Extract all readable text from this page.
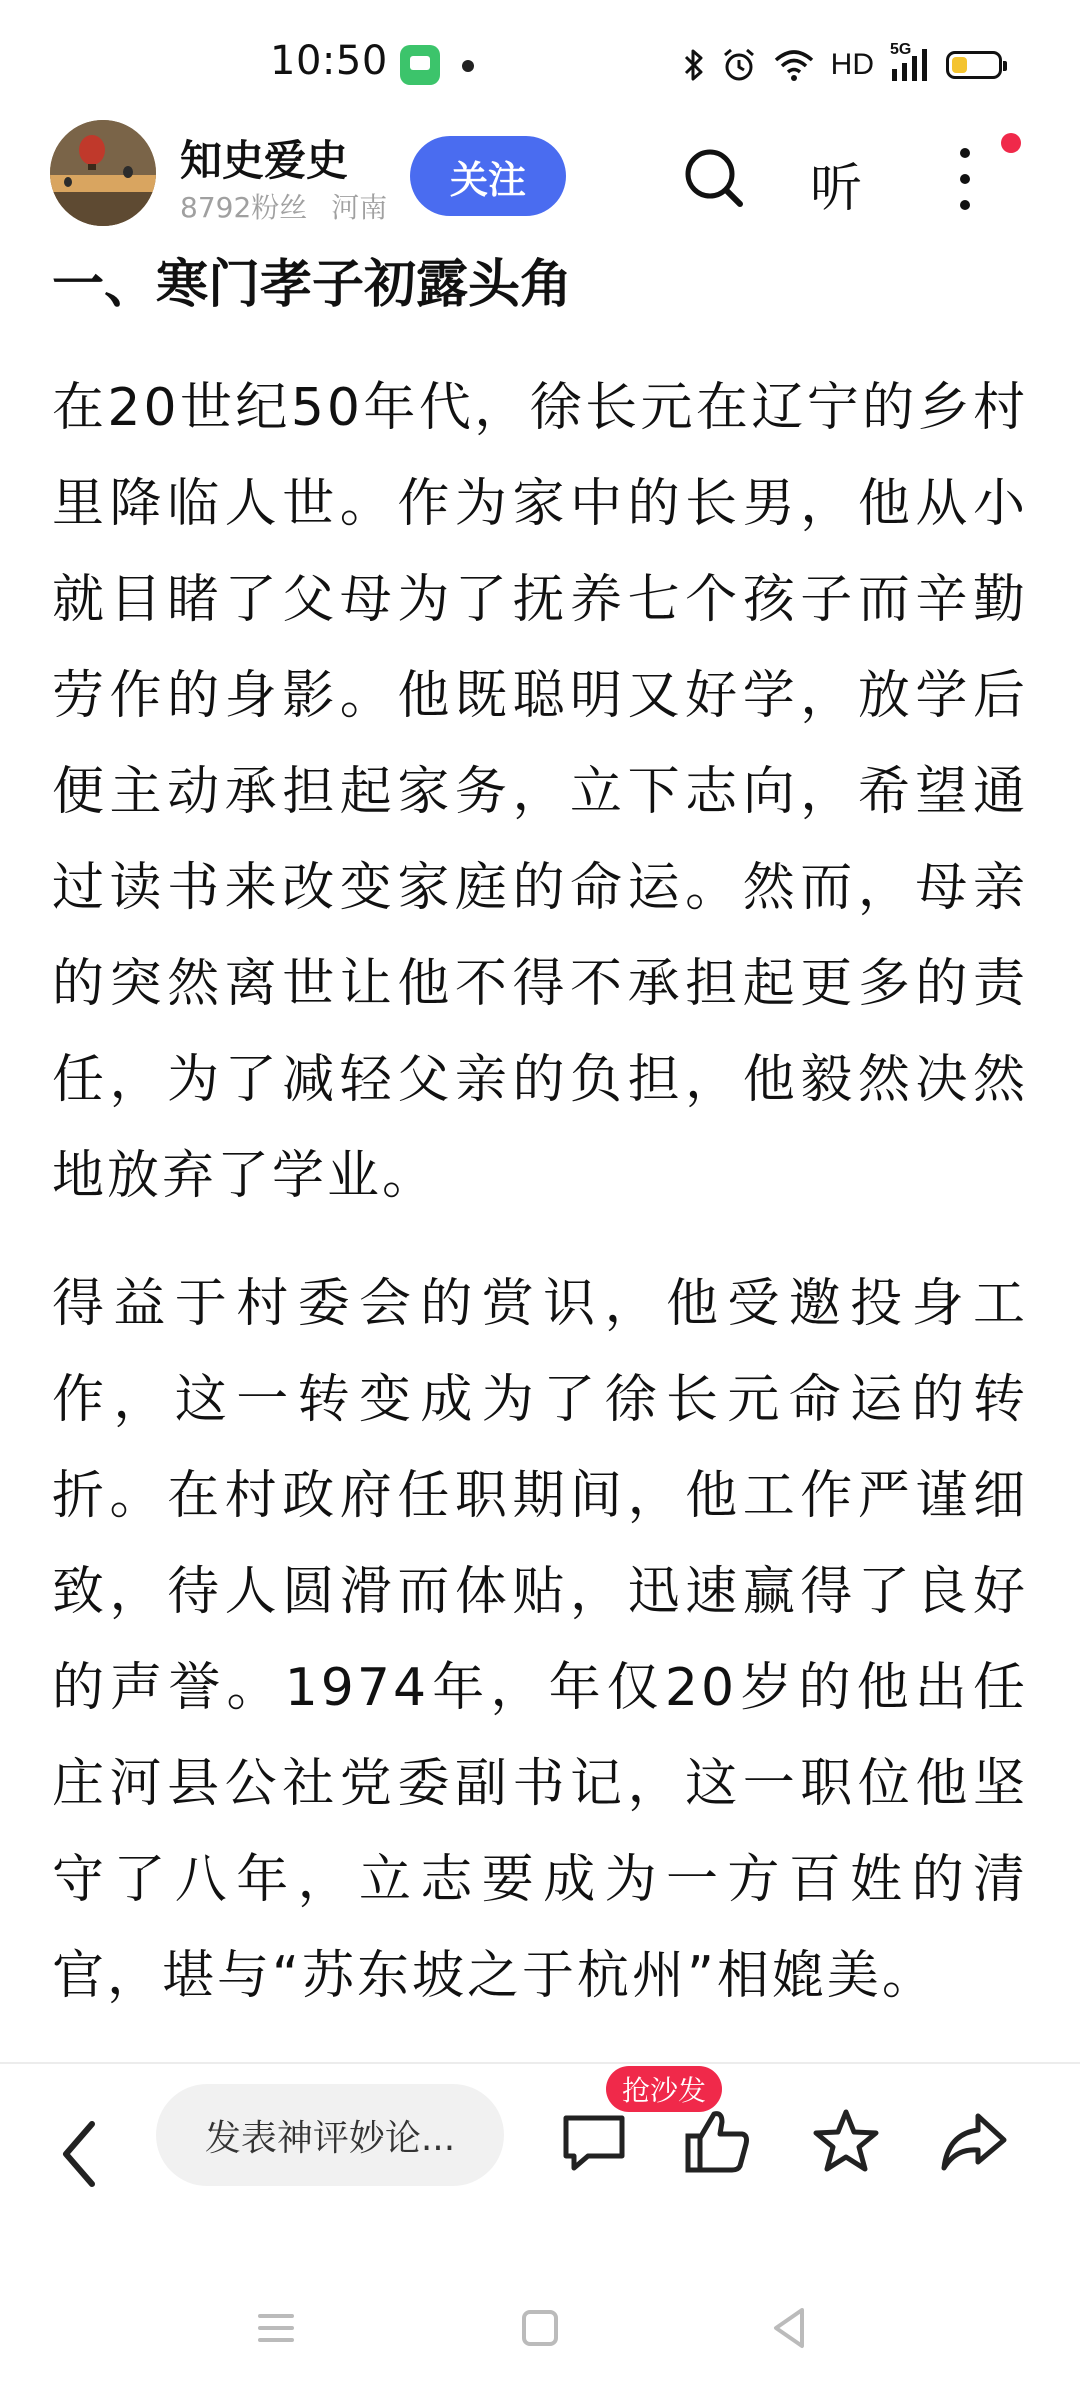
10:50	HD 5G
知史爱史
8792粉丝 河南
关注	听
一、寒门孝子初露头角

在20世纪50年代，徐长元在辽宁的乡村里降临人世。作为家中的长男，他从小就目睹了父母为了抚养七个孩子而辛勤劳作的身影。他既聪明又好学，放学后便主动承担起家务，立下志向，希望通过读书来改变家庭的命运。然而，母亲的突然离世让他不得不承担起更多的责任，为了减轻父亲的负担，他毅然决然地放弃了学业。

得益于村委会的赏识，他受邀投身工作，这一转变成为了徐长元命运的转折。在村政府任职期间，他工作严谨细致，待人圆滑而体贴，迅速赢得了良好的声誉。1974年，年仅20岁的他出任庄河县公社党委副书记，这一职位他坚守了八年，立志要成为一方百姓的清官，堪与“苏东坡之于杭州”相媲美。

发表神评妙论...
抢沙发
